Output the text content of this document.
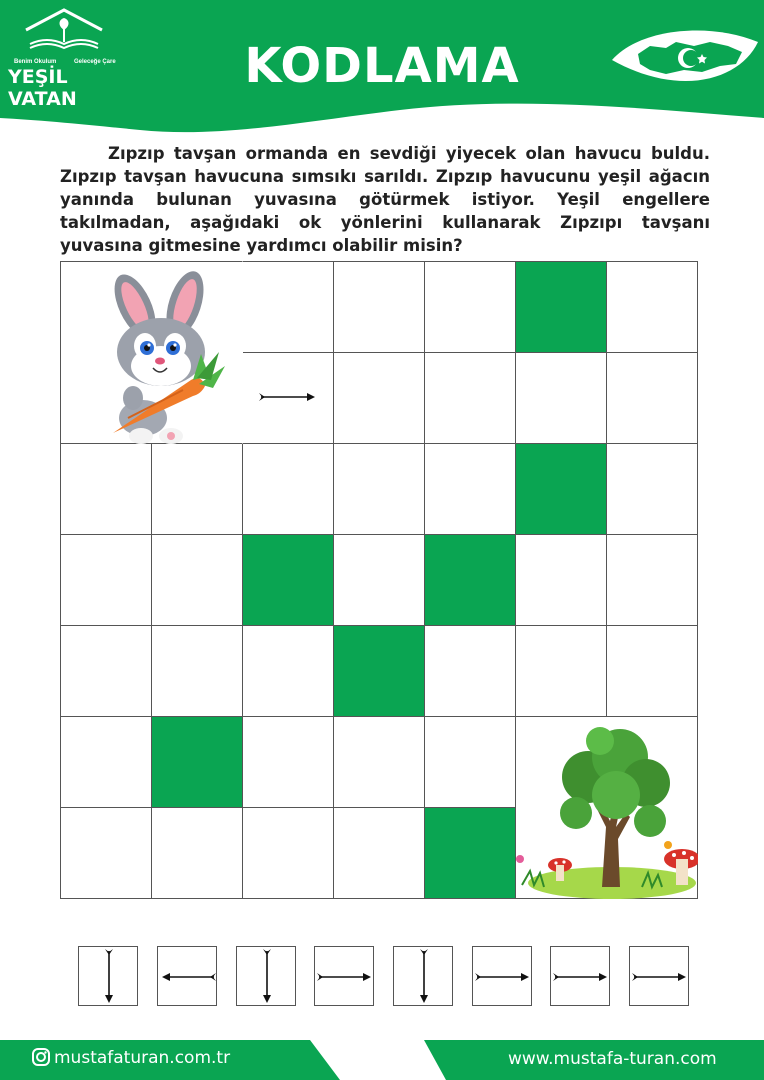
Benim Okulum	Geleceğe Çare
YEŞİL VATAN
KODLAMA
Zıpzıp tavşan ormanda en sevdiği yiyecek olan havucu buldu. Zıpzıp tavşan havucuna sımsıkı sarıldı. Zıpzıp havucunu yeşil ağacın yanında bulunan yuvasına götürmek istiyor. Yeşil engellere takılmadan, aşağıdaki ok yönlerini kullanarak Zıpzıpı tavşanı yuvasına gitmesine yardımcı olabilir misin?
mustafaturan.com.tr	www.mustafa-turan.com
